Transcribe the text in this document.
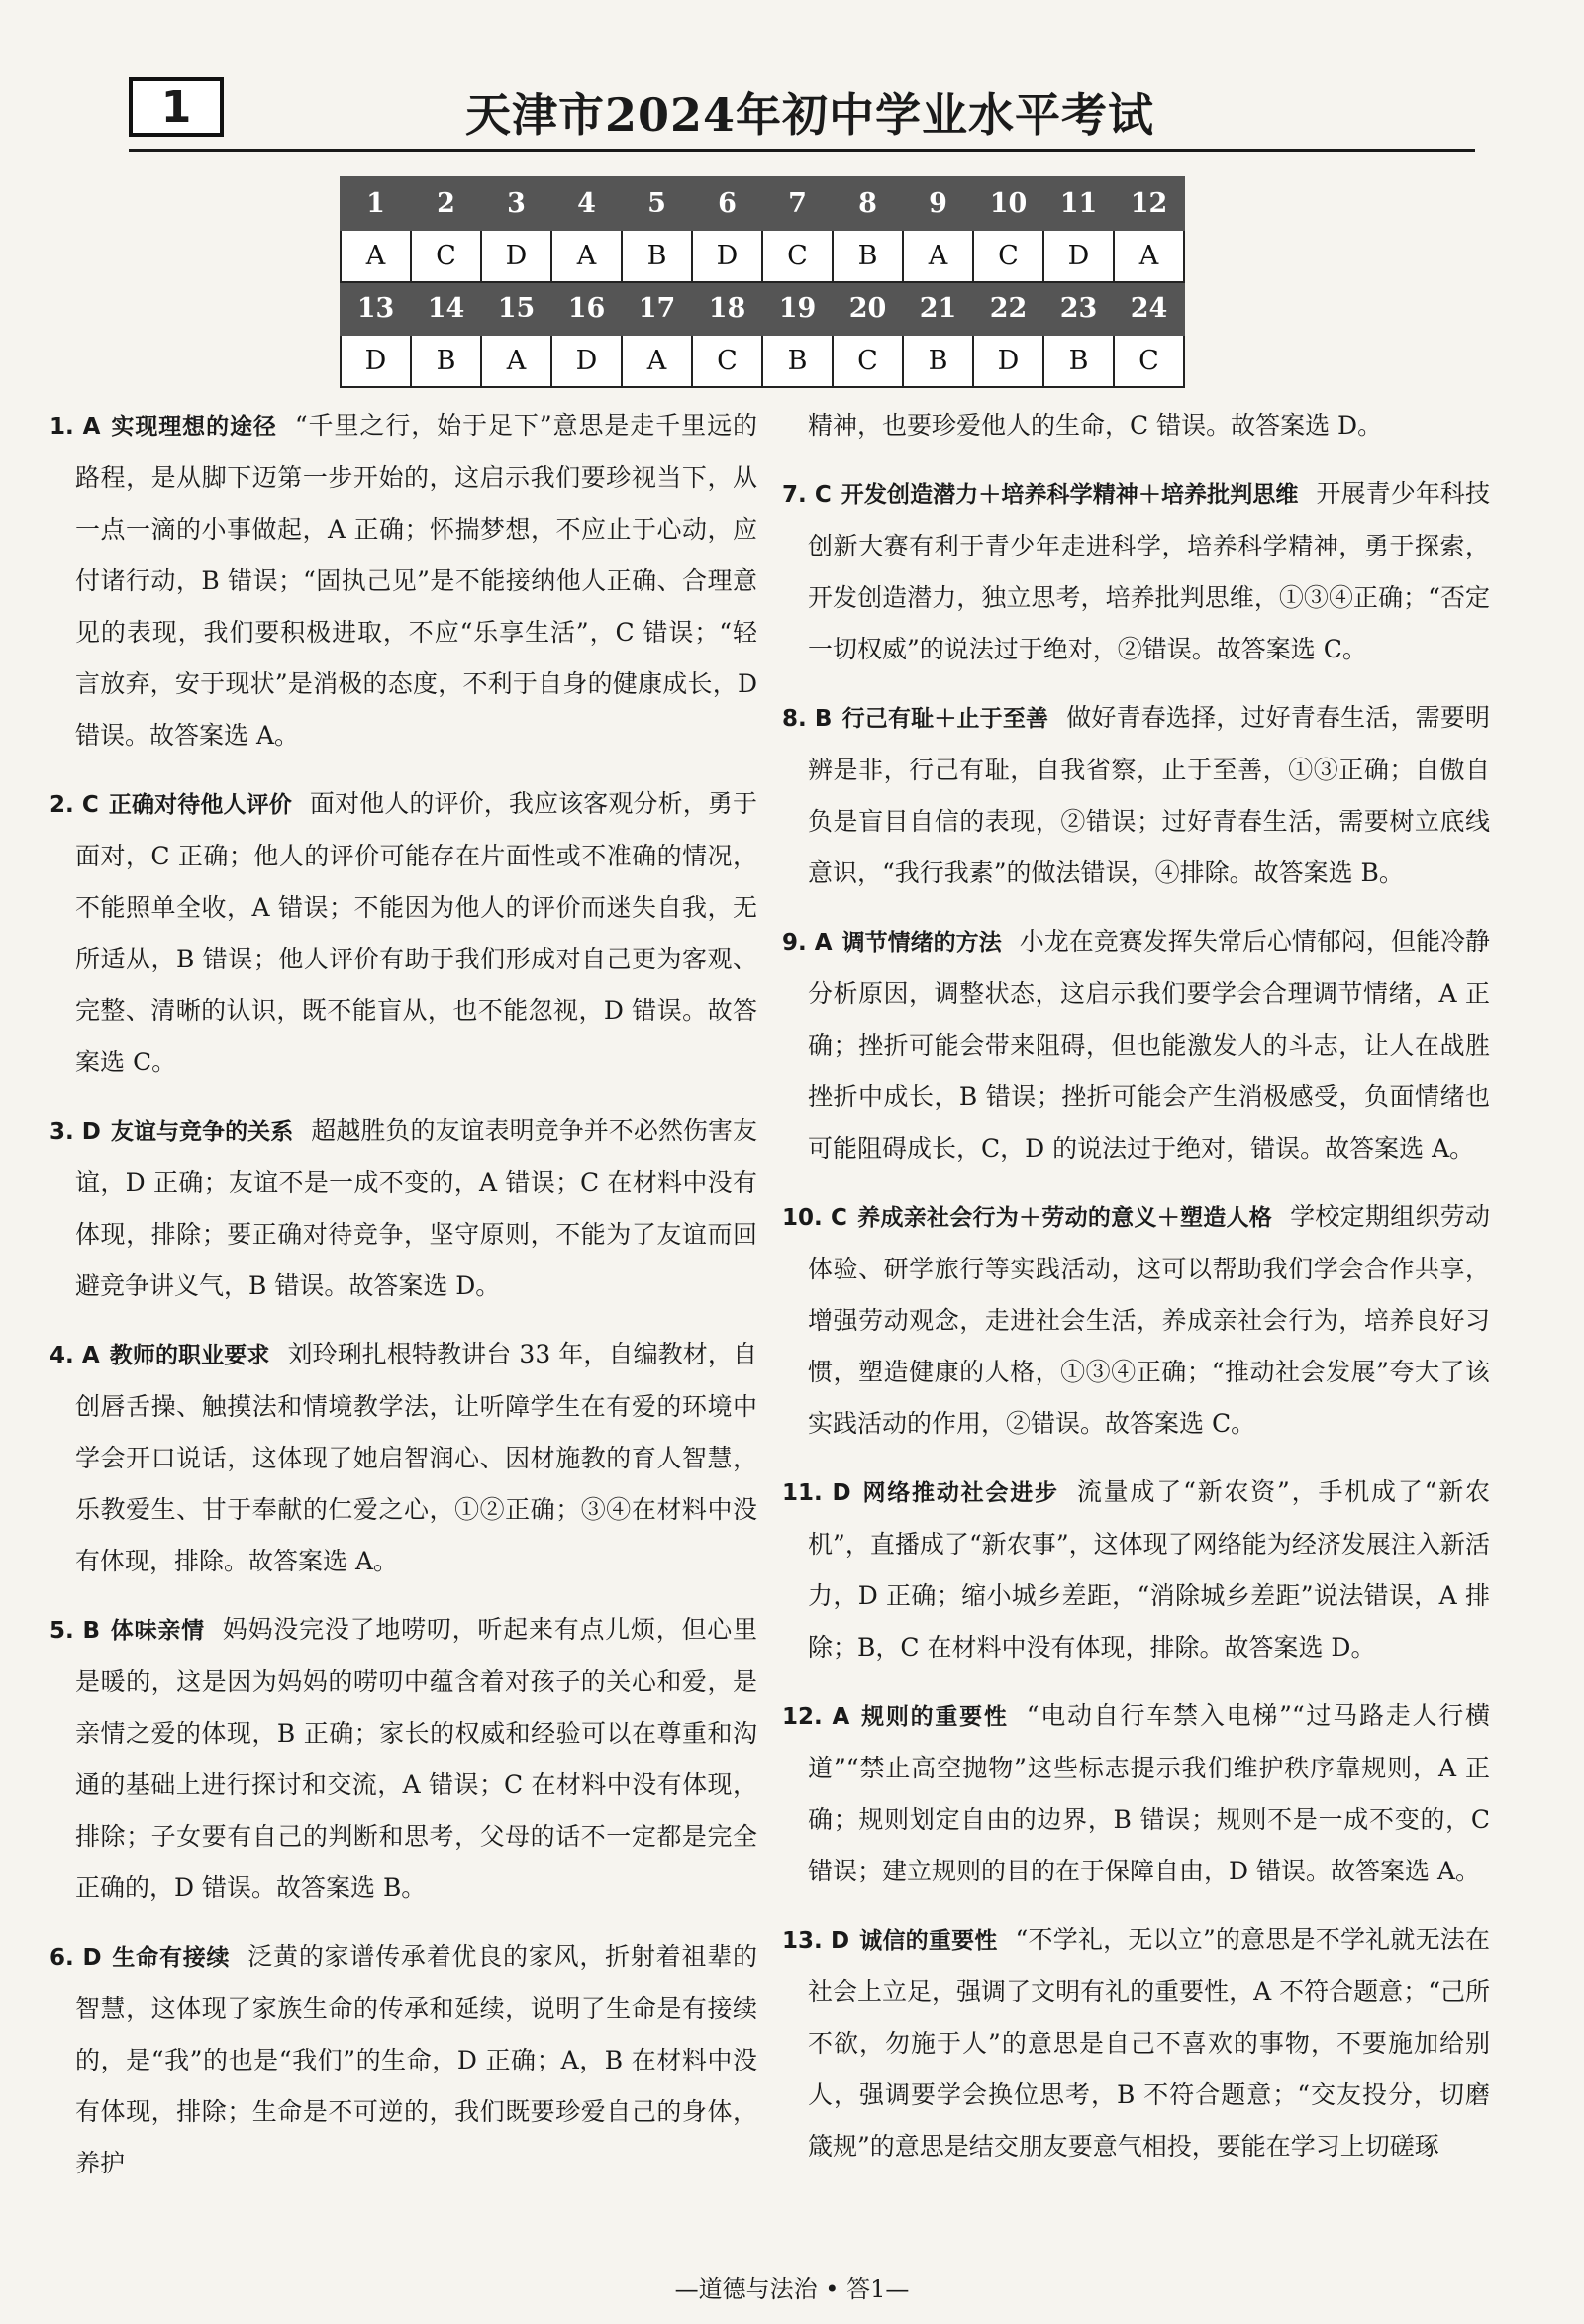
1	天津市2024年初中学业水平考试
1	2	3	4	5	6	7	8	9	10	11	12
A	C	D	A	B	D	C	B	A	C	D	A
13	14	15	16	17	18	19	20	21	22	23	24
D	B	A	D	A	C	B	C	B	D	B	C
1. A 实现理想的途径 “千里之行，始于足下”意思是走千里远的路程，是从脚下迈第一步开始的，这启示我们要珍视当下，从一点一滴的小事做起，A 正确；怀揣梦想，不应止于心动，应付诸行动，B 错误；“固执己见”是不能接纳他人正确、合理意见的表现，我们要积极进取，不应“乐享生活”，C 错误；“轻言放弃，安于现状”是消极的态度，不利于自身的健康成长，D 错误。故答案选 A。
2. C 正确对待他人评价 面对他人的评价，我应该客观分析，勇于面对，C 正确；他人的评价可能存在片面性或不准确的情况，不能照单全收，A 错误；不能因为他人的评价而迷失自我，无所适从，B 错误；他人评价有助于我们形成对自己更为客观、完整、清晰的认识，既不能盲从，也不能忽视，D 错误。故答案选 C。
3. D 友谊与竞争的关系 超越胜负的友谊表明竞争并不必然伤害友谊，D 正确；友谊不是一成不变的，A 错误；C 在材料中没有体现，排除；要正确对待竞争，坚守原则，不能为了友谊而回避竞争讲义气，B 错误。故答案选 D。
4. A 教师的职业要求 刘玲琍扎根特教讲台 33 年，自编教材，自创唇舌操、触摸法和情境教学法，让听障学生在有爱的环境中学会开口说话，这体现了她启智润心、因材施教的育人智慧，乐教爱生、甘于奉献的仁爱之心，①②正确；③④在材料中没有体现，排除。故答案选 A。
5. B 体味亲情 妈妈没完没了地唠叨，听起来有点儿烦，但心里是暖的，这是因为妈妈的唠叨中蕴含着对孩子的关心和爱，是亲情之爱的体现，B 正确；家长的权威和经验可以在尊重和沟通的基础上进行探讨和交流，A 错误；C 在材料中没有体现，排除；子女要有自己的判断和思考，父母的话不一定都是完全正确的，D 错误。故答案选 B。
6. D 生命有接续 泛黄的家谱传承着优良的家风，折射着祖辈的智慧，这体现了家族生命的传承和延续，说明了生命是有接续的，是“我”的也是“我们”的生命，D 正确；A，B 在材料中没有体现，排除；生命是不可逆的，我们既要珍爱自己的身体，养护
精神，也要珍爱他人的生命，C 错误。故答案选 D。
7. C 开发创造潜力＋培养科学精神＋培养批判思维 开展青少年科技创新大赛有利于青少年走进科学，培养科学精神，勇于探索，开发创造潜力，独立思考，培养批判思维，①③④正确；“否定一切权威”的说法过于绝对，②错误。故答案选 C。
8. B 行己有耻＋止于至善 做好青春选择，过好青春生活，需要明辨是非，行己有耻，自我省察，止于至善，①③正确；自傲自负是盲目自信的表现，②错误；过好青春生活，需要树立底线意识，“我行我素”的做法错误，④排除。故答案选 B。
9. A 调节情绪的方法 小龙在竞赛发挥失常后心情郁闷，但能冷静分析原因，调整状态，这启示我们要学会合理调节情绪，A 正确；挫折可能会带来阻碍，但也能激发人的斗志，让人在战胜挫折中成长，B 错误；挫折可能会产生消极感受，负面情绪也可能阻碍成长，C，D 的说法过于绝对，错误。故答案选 A。
10. C 养成亲社会行为＋劳动的意义＋塑造人格 学校定期组织劳动体验、研学旅行等实践活动，这可以帮助我们学会合作共享，增强劳动观念，走进社会生活，养成亲社会行为，培养良好习惯，塑造健康的人格，①③④正确；“推动社会发展”夸大了该实践活动的作用，②错误。故答案选 C。
11. D 网络推动社会进步 流量成了“新农资”，手机成了“新农机”，直播成了“新农事”，这体现了网络能为经济发展注入新活力，D 正确；缩小城乡差距，“消除城乡差距”说法错误，A 排除；B，C 在材料中没有体现，排除。故答案选 D。
12. A 规则的重要性 “电动自行车禁入电梯”“过马路走人行横道”“禁止高空抛物”这些标志提示我们维护秩序靠规则，A 正确；规则划定自由的边界，B 错误；规则不是一成不变的，C 错误；建立规则的目的在于保障自由，D 错误。故答案选 A。
13. D 诚信的重要性 “不学礼，无以立”的意思是不学礼就无法在社会上立足，强调了文明有礼的重要性，A 不符合题意；“己所不欲，勿施于人”的意思是自己不喜欢的事物，不要施加给别人，强调要学会换位思考，B 不符合题意；“交友投分，切磨箴规”的意思是结交朋友要意气相投，要能在学习上切磋琢
—道德与法治 • 答1—
